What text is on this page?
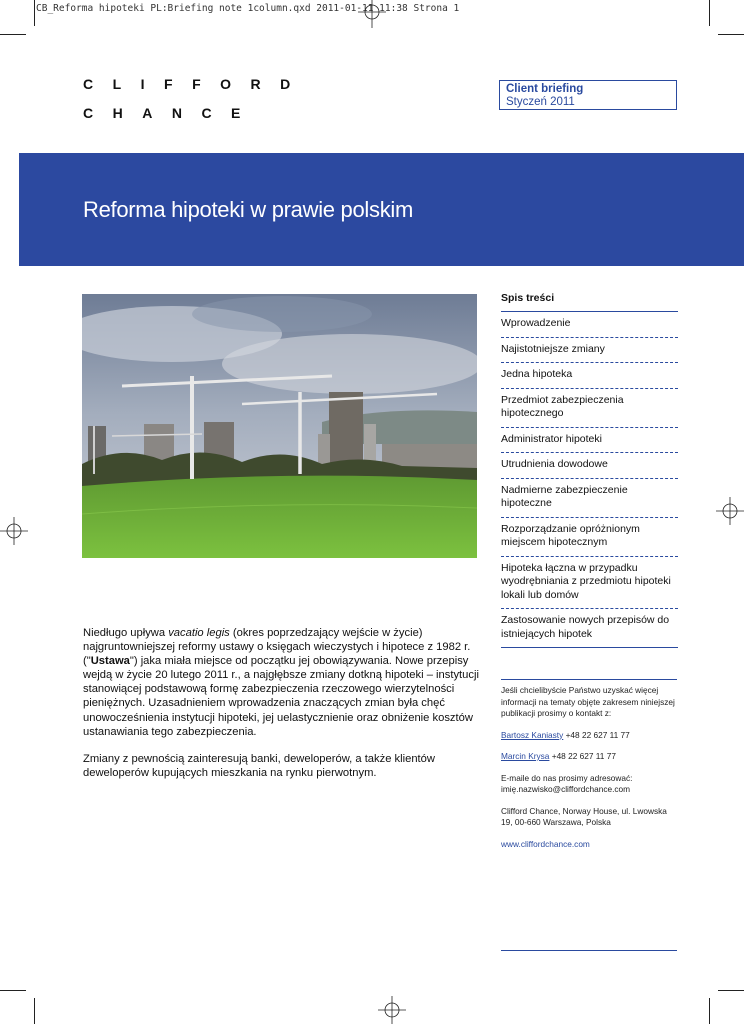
CB_Reforma hipoteki PL:Briefing note 1column.qxd 2011-01-11 11:38 Strona 1
CLIFFORD
CHANCE
Client briefing
Styczeń 2011
Reforma hipoteki w prawie polskim
Spis treści
Wprowadzenie
Najistotniejsze zmiany
Jedna hipoteka
Przedmiot zabezpieczenia hipotecznego
Administrator hipoteki
Utrudnienia dowodowe
Nadmierne zabezpieczenie hipoteczne
Rozporządzanie opróżnionym miejscem hipotecznym
Hipoteka łączna w przypadku wyodrębniania z przedmiotu hipoteki lokali lub domów
Zastosowanie nowych przepisów do istniejących hipotek

Niedługo upływa vacatio legis (okres poprzedzający wejście w życie) najgruntowniejszej reformy ustawy o księgach wieczystych i hipotece z 1982 r. ("Ustawa") jaka miała miejsce od początku jej obowiązywania. Nowe przepisy wejdą w życie 20 lutego 2011 r., a najgłębsze zmiany dotkną hipoteki – instytucji stanowiącej podstawową formę zabezpieczenia rzeczowego wierzytelności pieniężnych. Uzasadnieniem wprowadzenia znaczących zmian była chęć unowocześnienia instytucji hipoteki, jej uelastycznienie oraz obniżenie kosztów ustanawiania tego zabezpieczenia.

Zmiany z pewnością zainteresują banki, deweloperów, a także klientów deweloperów kupujących mieszkania na rynku pierwotnym.

Jeśli chcielibyście Państwo uzyskać więcej informacji na tematy objęte zakresem niniejszej publikacji prosimy o kontakt z:

Bartosz Kaniasty +48 22 627 11 77

Marcin Krysa +48 22 627 11 77

E-maile do nas prosimy adresować: imię.nazwisko@cliffordchance.com

Clifford Chance, Norway House, ul. Lwowska 19, 00-660 Warszawa, Polska

www.cliffordchance.com
